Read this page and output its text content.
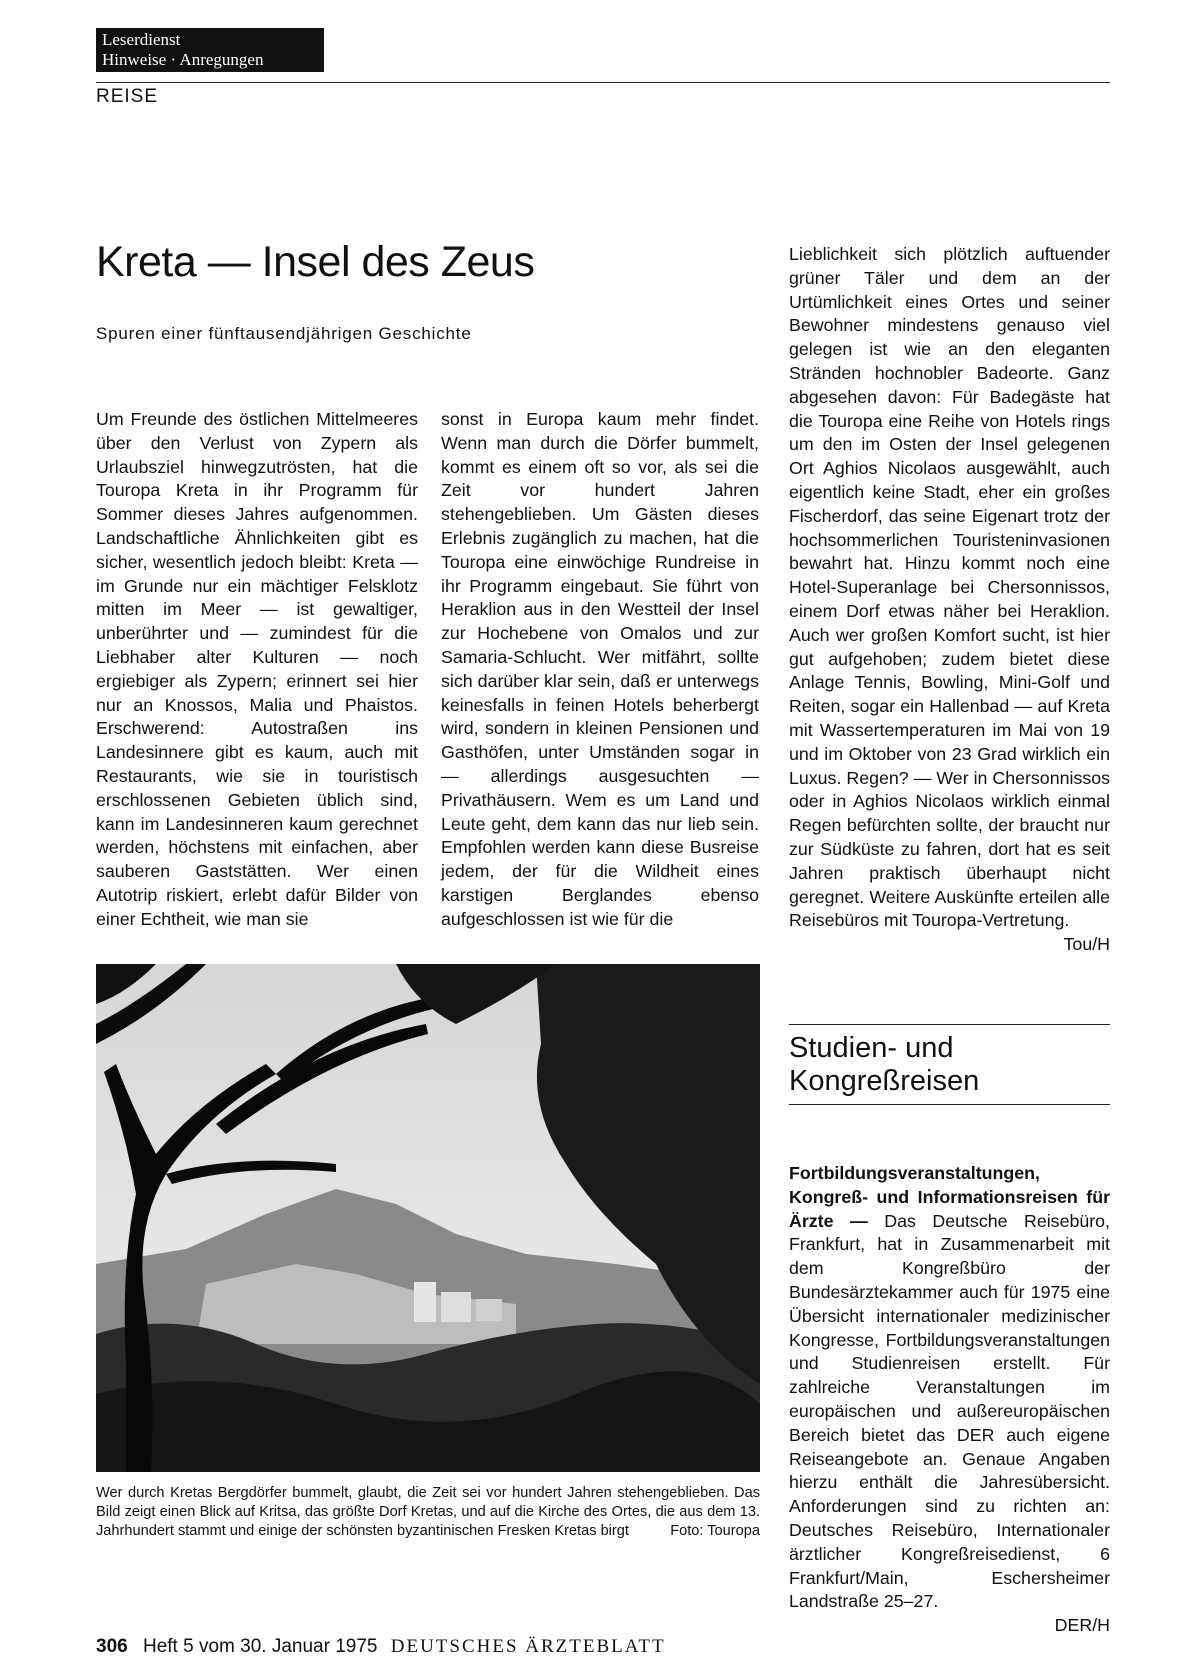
Leserdienst
Hinweise · Anregungen
REISE
Kreta — Insel des Zeus
Spuren einer fünftausendjährigen Geschichte

Um Freunde des östlichen Mittelmeeres über den Verlust von Zypern als Urlaubsziel hinwegzutrösten, hat die Touropa Kreta in ihr Programm für Sommer dieses Jahres aufgenommen. Landschaftliche Ähnlichkeiten gibt es sicher, wesentlich jedoch bleibt: Kreta — im Grunde nur ein mächtiger Felsklotz mitten im Meer — ist gewaltiger, unberührter und — zumindest für die Liebhaber alter Kulturen — noch ergiebiger als Zypern; erinnert sei hier nur an Knossos, Malia und Phaistos. Erschwerend: Autostraßen ins Landesinnere gibt es kaum, auch mit Restaurants, wie sie in touristisch erschlossenen Gebieten üblich sind, kann im Landesinneren kaum gerechnet werden, höchstens mit einfachen, aber sauberen Gaststätten. Wer einen Autotrip riskiert, erlebt dafür Bilder von einer Echtheit, wie man sie

sonst in Europa kaum mehr findet. Wenn man durch die Dörfer bummelt, kommt es einem oft so vor, als sei die Zeit vor hundert Jahren stehengeblieben. Um Gästen dieses Erlebnis zugänglich zu machen, hat die Touropa eine einwöchige Rundreise in ihr Programm eingebaut. Sie führt von Heraklion aus in den Westteil der Insel zur Hochebene von Omalos und zur Samaria-Schlucht. Wer mitfährt, sollte sich darüber klar sein, daß er unterwegs keinesfalls in feinen Hotels beherbergt wird, sondern in kleinen Pensionen und Gasthöfen, unter Umständen sogar in — allerdings ausgesuchten — Privathäusern. Wem es um Land und Leute geht, dem kann das nur lieb sein. Empfohlen werden kann diese Busreise jedem, der für die Wildheit eines karstigen Berglandes ebenso aufgeschlossen ist wie für die

Lieblichkeit sich plötzlich auftuender grüner Täler und dem an der Urtümlichkeit eines Ortes und seiner Bewohner mindestens genauso viel gelegen ist wie an den eleganten Stränden hochnobler Badeorte. Ganz abgesehen davon: Für Badegäste hat die Touropa eine Reihe von Hotels rings um den im Osten der Insel gelegenen Ort Aghios Nicolaos ausgewählt, auch eigentlich keine Stadt, eher ein großes Fischerdorf, das seine Eigenart trotz der hochsommerlichen Touristeninvasionen bewahrt hat. Hinzu kommt noch eine Hotel-Superanlage bei Chersonnissos, einem Dorf etwas näher bei Heraklion. Auch wer großen Komfort sucht, ist hier gut aufgehoben; zudem bietet diese Anlage Tennis, Bowling, Mini-Golf und Reiten, sogar ein Hallenbad — auf Kreta mit Wassertemperaturen im Mai von 19 und im Oktober von 23 Grad wirklich ein Luxus. Regen? — Wer in Chersonnissos oder in Aghios Nicolaos wirklich einmal Regen befürchten sollte, der braucht nur zur Südküste zu fahren, dort hat es seit Jahren praktisch überhaupt nicht geregnet. Weitere Auskünfte erteilen alle Reisebüros mit Touropa-Vertretung.

Tou/H
Wer durch Kretas Bergdörfer bummelt, glaubt, die Zeit sei vor hundert Jahren stehengeblieben. Das Bild zeigt einen Blick auf Kritsa, das größte Dorf Kretas, und auf die Kirche des Ortes, die aus dem 13. Jahrhundert stammt und einige der schönsten byzantinischen Fresken Kretas birgt	Foto: Touropa
Studien- und
Kongreßreisen

Fortbildungsveranstaltungen, Kongreß- und Informationsreisen für Ärzte — Das Deutsche Reisebüro, Frankfurt, hat in Zusammenarbeit mit dem Kongreßbüro der Bundesärztekammer auch für 1975 eine Übersicht internationaler medizinischer Kongresse, Fortbildungsveranstaltungen und Studienreisen erstellt. Für zahlreiche Veranstaltungen im europäischen und außereuropäischen Bereich bietet das DER auch eigene Reiseangebote an. Genaue Angaben hierzu enthält die Jahresübersicht. Anforderungen sind zu richten an: Deutsches Reisebüro, Internationaler ärztlicher Kongreßreisedienst, 6 Frankfurt/Main, Eschersheimer Landstraße 25–27.

DER/H
306 Heft 5 vom 30. Januar 1975 DEUTSCHES ÄRZTEBLATT
